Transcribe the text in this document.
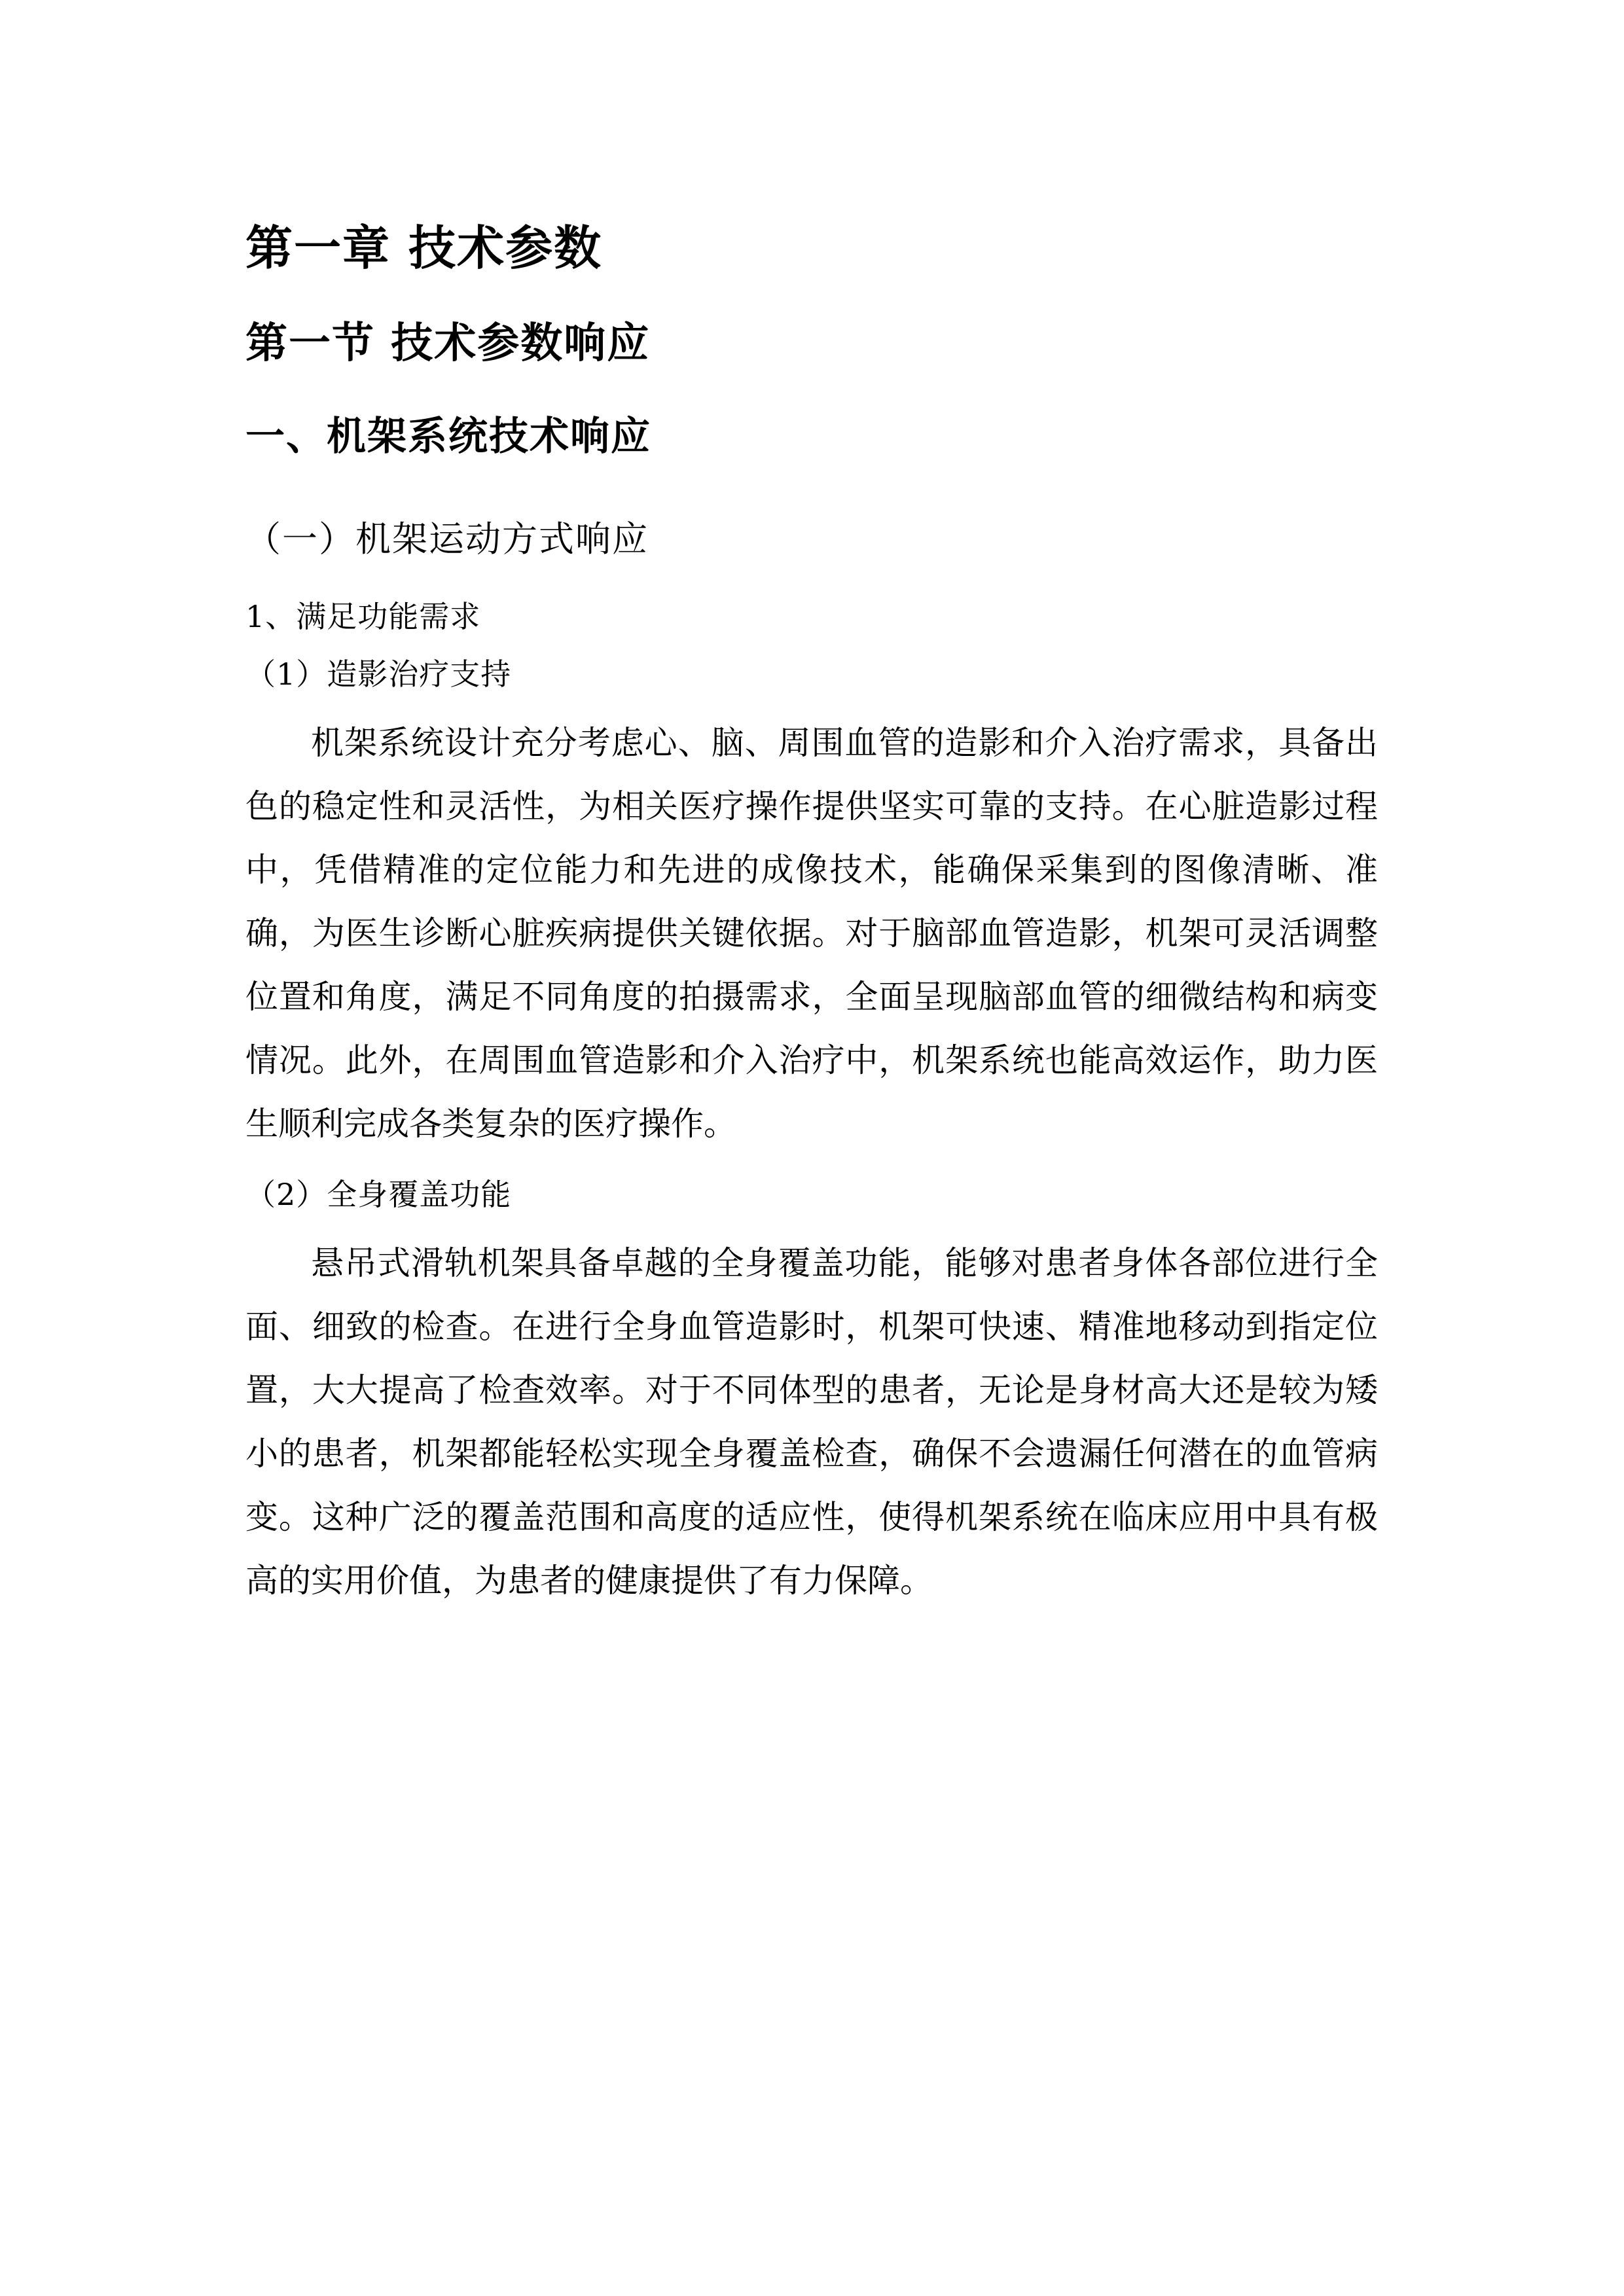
第一章 技术参数
第一节 技术参数响应
一、机架系统技术响应
（一）机架运动方式响应
1、满足功能需求
（1）造影治疗支持

机架系统设计充分考虑心、脑、周围血管的造影和介入治疗需求，具备出色的稳定性和灵活性，为相关医疗操作提供坚实可靠的支持。在心脏造影过程中，凭借精准的定位能力和先进的成像技术，能确保采集到的图像清晰、准确，为医生诊断心脏疾病提供关键依据。对于脑部血管造影，机架可灵活调整位置和角度，满足不同角度的拍摄需求，全面呈现脑部血管的细微结构和病变情况。此外，在周围血管造影和介入治疗中，机架系统也能高效运作，助力医生顺利完成各类复杂的医疗操作。

（2）全身覆盖功能

悬吊式滑轨机架具备卓越的全身覆盖功能，能够对患者身体各部位进行全面、细致的检查。在进行全身血管造影时，机架可快速、精准地移动到指定位置，大大提高了检查效率。对于不同体型的患者，无论是身材高大还是较为矮小的患者，机架都能轻松实现全身覆盖检查，确保不会遗漏任何潜在的血管病变。这种广泛的覆盖范围和高度的适应性，使得机架系统在临床应用中具有极高的实用价值，为患者的健康提供了有力保障。
